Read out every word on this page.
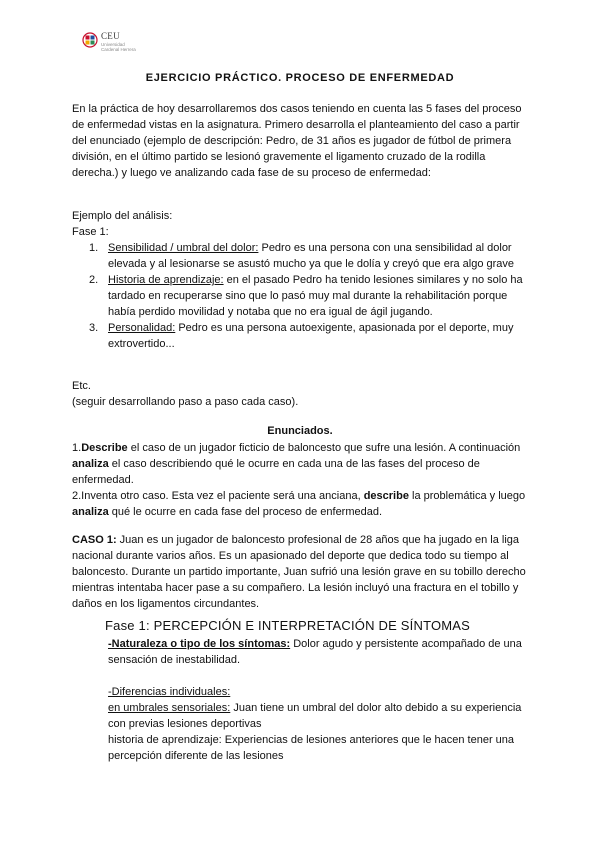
CEU
Universidad Cardenal Herrera
EJERCICIO PRÁCTICO. PROCESO DE ENFERMEDAD
En la práctica de hoy desarrollaremos dos casos teniendo en cuenta las 5 fases del proceso de enfermedad vistas en la asignatura. Primero desarrolla el planteamiento del caso a partir del enunciado (ejemplo de descripción: Pedro, de 31 años es jugador de fútbol de primera división, en el último partido se lesionó gravemente el ligamento cruzado de la rodilla derecha.) y luego ve analizando cada fase de su proceso de enfermedad:
Ejemplo del análisis:
Fase 1:
1. Sensibilidad / umbral del dolor: Pedro es una persona con una sensibilidad al dolor elevada y al lesionarse se asustó mucho ya que le dolía y creyó que era algo grave
2. Historia de aprendizaje: en el pasado Pedro ha tenido lesiones similares y no solo ha tardado en recuperarse sino que lo pasó muy mal durante la rehabilitación porque había perdido movilidad y notaba que no era igual de ágil jugando.
3. Personalidad: Pedro es una persona autoexigente, apasionada por el deporte, muy extrovertido...
Etc.
(seguir desarrollando paso a paso cada caso).
Enunciados.

1.Describe el caso de un jugador ficticio de baloncesto que sufre una lesión. A continuación analiza el caso describiendo qué le ocurre en cada una de las fases del proceso de enfermedad.

2.Inventa otro caso. Esta vez el paciente será una anciana, describe la problemática y luego analiza qué le ocurre en cada fase del proceso de enfermedad.

CASO 1: Juan es un jugador de baloncesto profesional de 28 años que ha jugado en la liga nacional durante varios años. Es un apasionado del deporte que dedica todo su tiempo al baloncesto. Durante un partido importante, Juan sufrió una lesión grave en su tobillo derecho mientras intentaba hacer pase a su compañero. La lesión incluyó una fractura en el tobillo y daños en los ligamentos circundantes.
Fase 1: PERCEPCIÓN E INTERPRETACIÓN DE SÍNTOMAS

-Naturaleza o tipo de los síntomas: Dolor agudo y persistente acompañado de una sensación de inestabilidad.

-Diferencias individuales:

en umbrales sensoriales: Juan tiene un umbral del dolor alto debido a su experiencia con previas lesiones deportivas

historia de aprendizaje: Experiencias de lesiones anteriores que le hacen tener una percepción diferente de las lesiones
